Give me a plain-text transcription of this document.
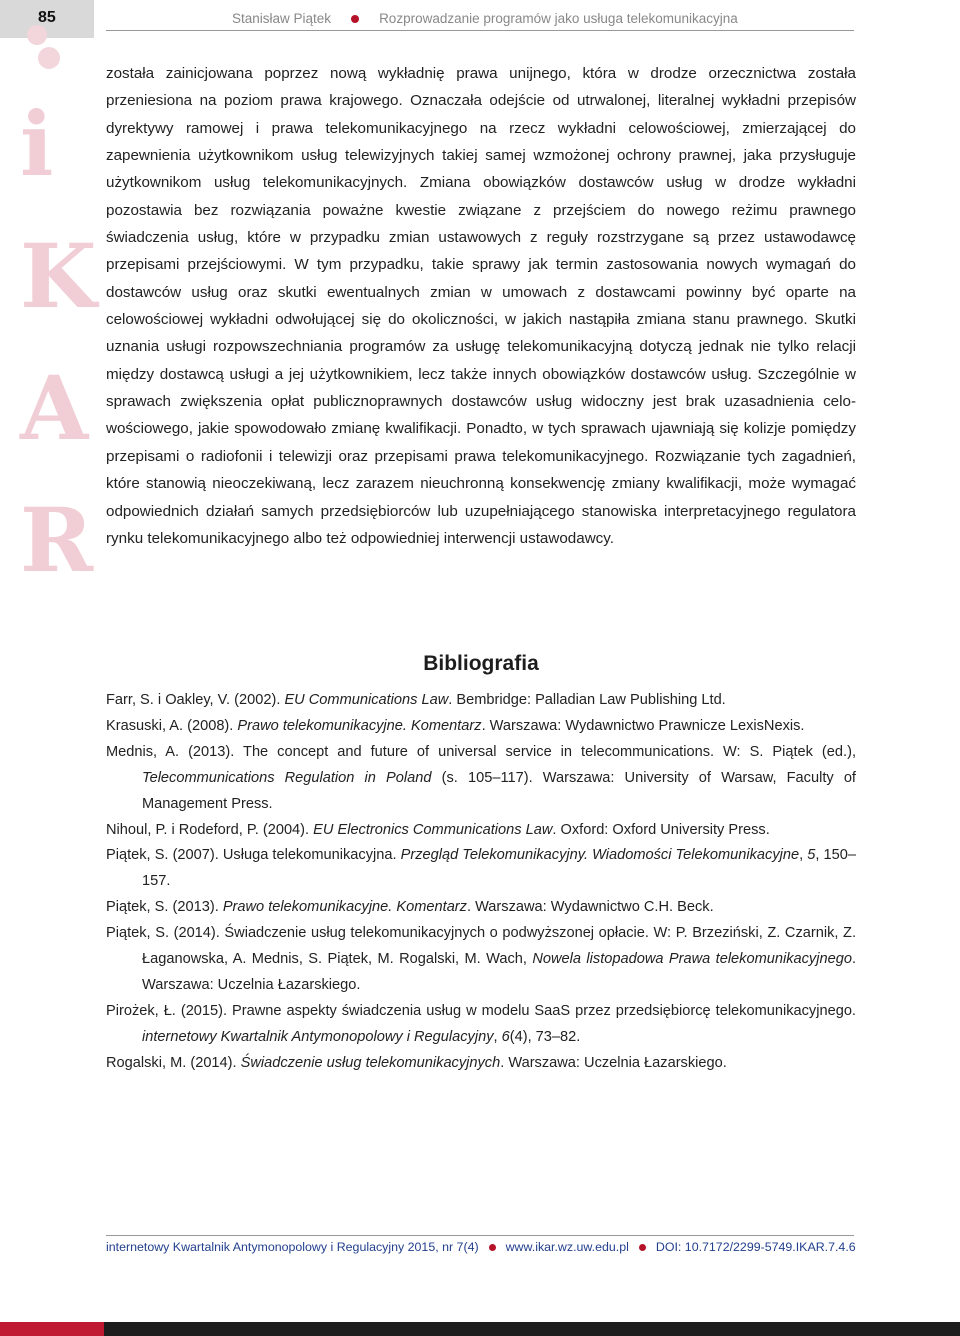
85
i
K
A
R
Stanisław Piątek	Rozprowadzanie programów jako usługa telekomunikacyjna

została zainicjowana poprzez nową wykładnię prawa unijnego, która w drodze orzecznictwa została przeniesiona na poziom prawa krajowego. Oznaczała odejście od utrwalonej, literalnej wykładni przepisów dyrektywy ramowej i prawa telekomunikacyjnego na rzecz wykładni celowościowej, zmierzającej do zapewnienia użytkownikom usług telewizyjnych takiej samej wzmożonej ochrony prawnej, jaka przysługuje użytkownikom usług telekomunikacyjnych. Zmiana obowiązków dostawców usług w drodze wykładni pozostawia bez rozwiązania poważne kwestie związane z przejściem do nowego reżimu prawnego świadczenia usług, które w przypadku zmian ustawowych z reguły rozstrzygane są przez ustawodawcę przepisami przejściowymi. W tym przypadku, takie sprawy jak termin zastosowania nowych wymagań do dostawców usług oraz skutki ewentualnych zmian w umowach z dostawcami powinny być oparte na celowościowej wykładni odwołującej się do okoliczności, w jakich nastąpiła zmiana stanu prawnego. Skutki uznania usługi rozpowszechniania programów za usługę telekomunikacyjną dotyczą jednak nie tylko relacji między dostawcą usługi a jej użytkownikiem, lecz także innych obowiązków dostawców usług. Szczególnie w sprawach zwiększenia opłat publicznoprawnych dostawców usług widoczny jest brak uzasadnienia celowościowego, jakie spowodowało zmianę kwalifikacji. Ponadto, w tych sprawach ujawniają się kolizje pomiędzy przepisami o radiofonii i telewizji oraz przepisami prawa telekomunikacyjnego. Rozwiązanie tych zagadnień, które stanowią nieoczekiwaną, lecz zarazem nieuchronną konsekwencję zmiany kwalifikacji, może wymagać odpowiednich działań samych przedsiębiorców lub uzupełniającego stanowiska interpretacyjnego regulatora rynku telekomunikacyjnego albo też odpowiedniej interwencji ustawodawcy.

Bibliografia

Farr, S. i Oakley, V. (2002). EU Communications Law. Bembridge: Palladian Law Publishing Ltd.

Krasuski, A. (2008). Prawo telekomunikacyjne. Komentarz. Warszawa: Wydawnictwo Prawnicze LexisNexis.

Mednis, A. (2013). The concept and future of universal service in telecommunications. W: S. Piątek (ed.), Telecommunications Regulation in Poland (s. 105–117). Warszawa: University of Warsaw, Faculty of Management Press.

Nihoul, P. i Rodeford, P. (2004). EU Electronics Communications Law. Oxford: Oxford University Press.

Piątek, S. (2007). Usługa telekomunikacyjna. Przegląd Telekomunikacyjny. Wiadomości Telekomunikacyjne, 5, 150–157.

Piątek, S. (2013). Prawo telekomunikacyjne. Komentarz. Warszawa: Wydawnictwo C.H. Beck.

Piątek, S. (2014). Świadczenie usług telekomunikacyjnych o podwyższonej opłacie. W: P. Brzeziński, Z. Czarnik, Z. Łaganowska, A. Mednis, S. Piątek, M. Rogalski, M. Wach, Nowela listopadowa Prawa telekomunikacyjnego. Warszawa: Uczelnia Łazarskiego.

Pirożek, Ł. (2015). Prawne aspekty świadczenia usług w modelu SaaS przez przedsiębiorcę telekomunikacyjnego. internetowy Kwartalnik Antymonopolowy i Regulacyjny, 6(4), 73–82.

Rogalski, M. (2014). Świadczenie usług telekomunikacyjnych. Warszawa: Uczelnia Łazarskiego.

internetowy Kwartalnik Antymonopolowy i Regulacyjny 2015, nr 7(4) www.ikar.wz.uw.edu.pl DOI: 10.7172/2299-5749.IKAR.7.4.6
